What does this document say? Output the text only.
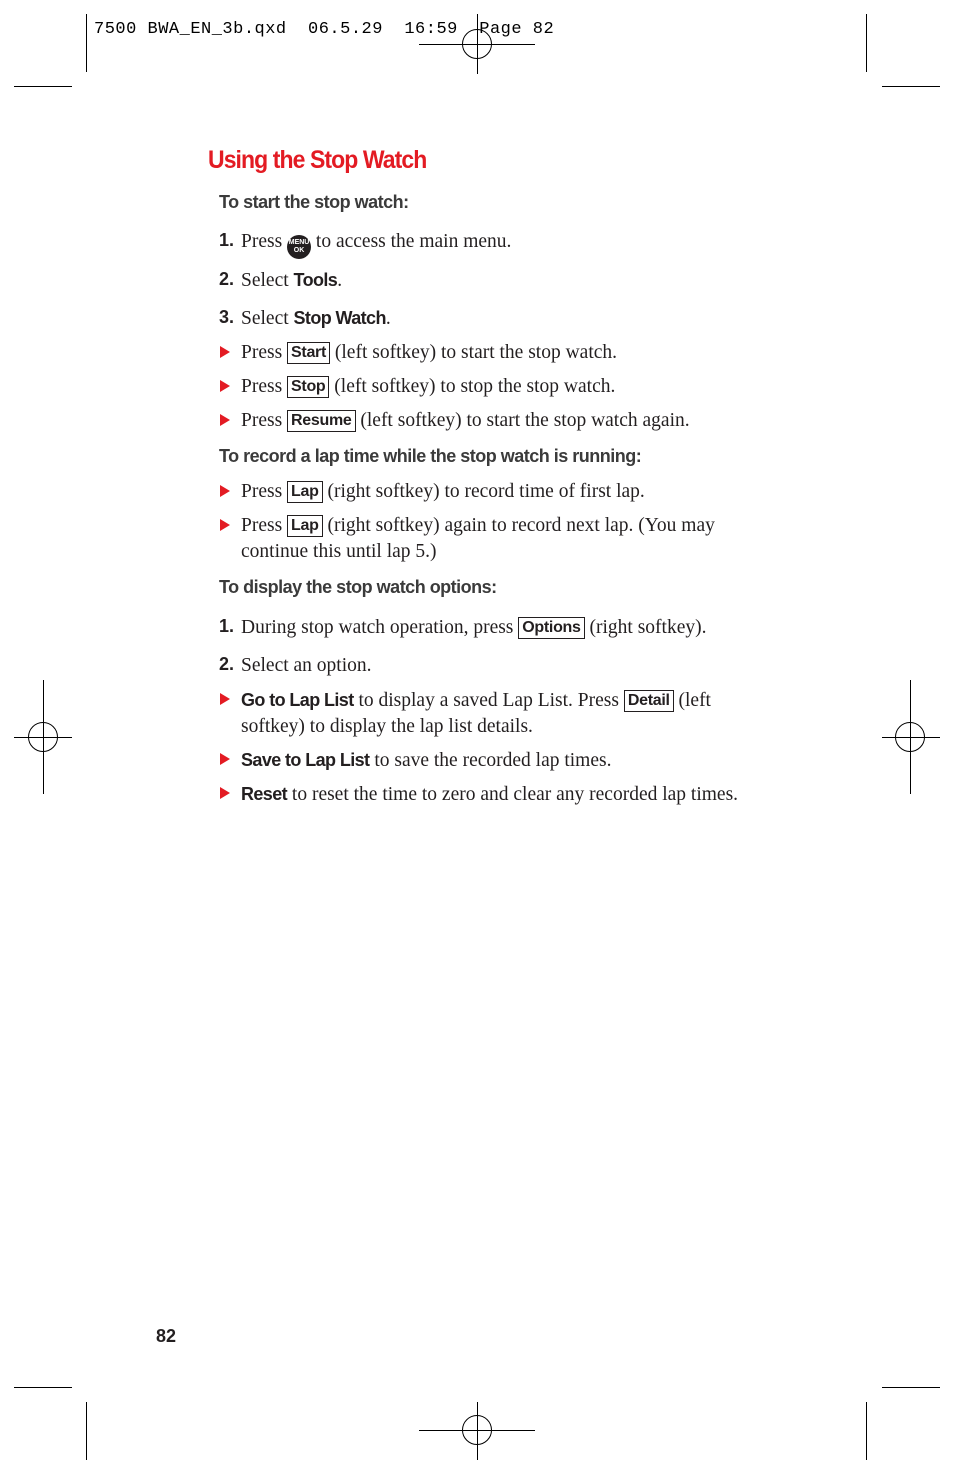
7500 BWA_EN_3b.qxd  06.5.29  16:59  Page 82
Using the Stop Watch

To start the stop watch:

1. Press MENU
OK to access the main menu.
2. Select Tools.
3. Select Stop Watch.
Press Start (left softkey) to start the stop watch.
Press Stop (left softkey) to stop the stop watch.
Press Resume (left softkey) to start the stop watch again.

To record a lap time while the stop watch is running:

Press Lap (right softkey) to record time of first lap.
Press Lap (right softkey) again to record next lap. (You may
continue this until lap 5.)

To display the stop watch options:

1. During stop watch operation, press Options (right softkey).
2. Select an option.
Go to Lap List to display a saved Lap List. Press Detail (left
softkey) to display the lap list details.
Save to Lap List to save the recorded lap times.
Reset to reset the time to zero and clear any recorded lap times.
82
